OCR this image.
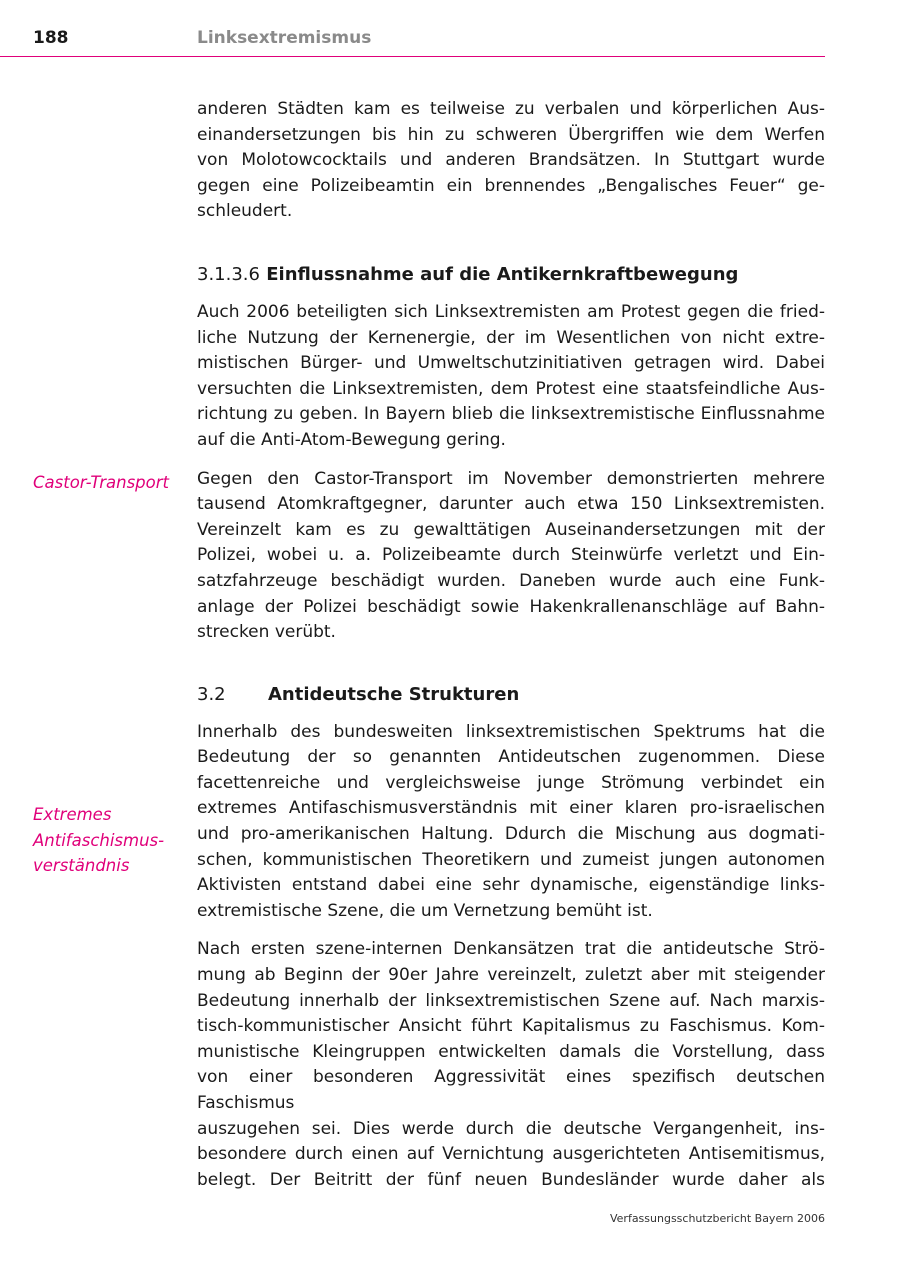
188	Linksextremismus

anderen Städten kam es teilweise zu verbalen und körperlichen Aus-
einandersetzungen bis hin zu schweren Übergriffen wie dem Werfen
von Molotowcocktails und anderen Brandsätzen. In Stuttgart wurde
gegen eine Polizeibeamtin ein brennendes „Bengalisches Feuer“ ge-
schleudert.

3.1.3.6 Einflussnahme auf die Antikernkraftbewegung

Auch 2006 beteiligten sich Linksextremisten am Protest gegen die fried-
liche Nutzung der Kernenergie, der im Wesentlichen von nicht extre-
mistischen Bürger- und Umweltschutzinitiativen getragen wird. Dabei
versuchten die Linksextremisten, dem Protest eine staatsfeindliche Aus-
richtung zu geben. In Bayern blieb die linksextremistische Einflussnahme
auf die Anti-Atom-Bewegung gering.

Gegen den Castor-Transport im November demonstrierten mehrere
tausend Atomkraftgegner, darunter auch etwa 150 Linksextremisten.
Vereinzelt kam es zu gewalttätigen Auseinandersetzungen mit der
Polizei, wobei u. a. Polizeibeamte durch Steinwürfe verletzt und Ein-
satzfahrzeuge beschädigt wurden. Daneben wurde auch eine Funk-
anlage der Polizei beschädigt sowie Hakenkrallenanschläge auf Bahn-
strecken verübt.

3.2 Antideutsche Strukturen

Innerhalb des bundesweiten linksextremistischen Spektrums hat die
Bedeutung der so genannten Antideutschen zugenommen. Diese
facettenreiche und vergleichsweise junge Strömung verbindet ein
extremes Antifaschismusverständnis mit einer klaren pro-israelischen
und pro-amerikanischen Haltung. Ddurch die Mischung aus dogmati-
schen, kommunistischen Theoretikern und zumeist jungen autonomen
Aktivisten entstand dabei eine sehr dynamische, eigenständige links-
extremistische Szene, die um Vernetzung bemüht ist.

Nach ersten szene-internen Denkansätzen trat die antideutsche Strö-
mung ab Beginn der 90er Jahre vereinzelt, zuletzt aber mit steigender
Bedeutung innerhalb der linksextremistischen Szene auf. Nach marxis-
tisch-kommunistischer Ansicht führt Kapitalismus zu Faschismus. Kom-
munistische Kleingruppen entwickelten damals die Vorstellung, dass
von einer besonderen Aggressivität eines spezifisch deutschen Faschismus
auszugehen sei. Dies werde durch die deutsche Vergangenheit, ins-
besondere durch einen auf Vernichtung ausgerichteten Antisemitismus,
belegt. Der Beitritt der fünf neuen Bundesländer wurde daher als

Castor-Transport
Extremes
Antifaschismus-
verständnis
Verfassungsschutzbericht Bayern 2006
